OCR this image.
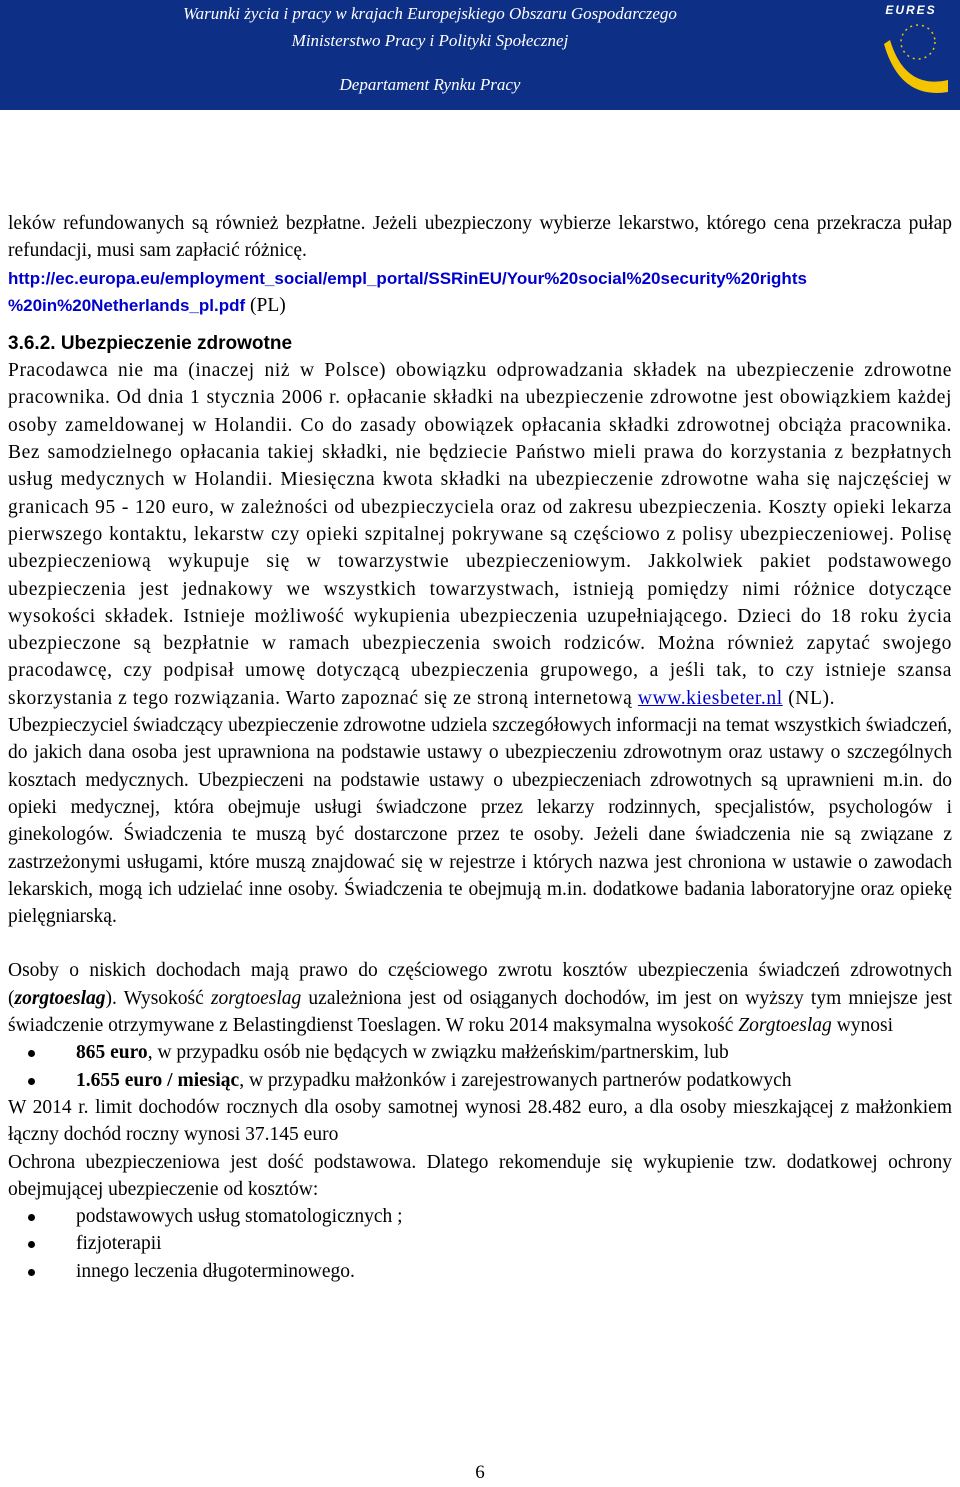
Warunki życia i pracy w krajach Europejskiego Obszaru Gospodarczego
Ministerstwo Pracy i Polityki Społecznej
Departament Rynku Pracy
EURES

leków refundowanych są również bezpłatne. Jeżeli ubezpieczony wybierze lekarstwo, którego cena przekracza pułap refundacji, musi sam zapłacić różnicę.

http://ec.europa.eu/employment_social/empl_portal/SSRinEU/Your%20social%20security%20rights %20in%20Netherlands_pl.pdf (PL)

3.6.2. Ubezpieczenie zdrowotne

Pracodawca nie ma (inaczej niż w Polsce) obowiązku odprowadzania składek na ubezpieczenie zdrowotne pracownika. Od dnia 1 stycznia 2006 r. opłacanie składki na ubezpieczenie zdrowotne jest obowiązkiem każdej osoby zameldowanej w Holandii. Co do zasady obowiązek opłacania składki zdrowotnej obciąża pracownika. Bez samodzielnego opłacania takiej składki, nie będziecie Państwo mieli prawa do korzystania z bezpłatnych usług medycznych w Holandii. Miesięczna kwota składki na ubezpieczenie zdrowotne waha się najczęściej w granicach 95 - 120 euro, w zależności od ubezpieczyciela oraz od zakresu ubezpieczenia. Koszty opieki lekarza pierwszego kontaktu, lekarstw czy opieki szpitalnej pokrywane są częściowo z polisy ubezpieczeniowej. Polisę ubezpieczeniową wykupuje się w towarzystwie ubezpieczeniowym. Jakkolwiek pakiet podstawowego ubezpieczenia jest jednakowy we wszystkich towarzystwach, istnieją pomiędzy nimi różnice dotyczące wysokości składek. Istnieje możliwość wykupienia ubezpieczenia uzupełniającego. Dzieci do 18 roku życia ubezpieczone są bezpłatnie w ramach ubezpieczenia swoich rodziców. Można również zapytać swojego pracodawcę, czy podpisał umowę dotyczącą ubezpieczenia grupowego, a jeśli tak, to czy istnieje szansa skorzystania z tego rozwiązania. Warto zapoznać się ze stroną internetową www.kiesbeter.nl (NL).

Ubezpieczyciel świadczący ubezpieczenie zdrowotne udziela szczegółowych informacji na temat wszystkich świadczeń, do jakich dana osoba jest uprawniona na podstawie ustawy o ubezpieczeniu zdrowotnym oraz ustawy o szczególnych kosztach medycznych. Ubezpieczeni na podstawie ustawy o ubezpieczeniach zdrowotnych są uprawnieni m.in. do opieki medycznej, która obejmuje usługi świadczone przez lekarzy rodzinnych, specjalistów, psychologów i ginekologów. Świadczenia te muszą być dostarczone przez te osoby. Jeżeli dane świadczenia nie są związane z zastrzeżonymi usługami, które muszą znajdować się w rejestrze i których nazwa jest chroniona w ustawie o zawodach lekarskich, mogą ich udzielać inne osoby. Świadczenia te obejmują m.in. dodatkowe badania laboratoryjne oraz opiekę pielęgniarską.

Osoby o niskich dochodach mają prawo do częściowego zwrotu kosztów ubezpieczenia świadczeń zdrowotnych (zorgtoeslag). Wysokość zorgtoeslag uzależniona jest od osiąganych dochodów, im jest on wyższy tym mniejsze jest świadczenie otrzymywane z Belastingdienst Toeslagen. W roku 2014 maksymalna wysokość Zorgtoeslag wynosi

865 euro, w przypadku osób nie będących w związku małżeńskim/partnerskim, lub
1.655 euro / miesiąc, w przypadku małżonków i zarejestrowanych partnerów podatkowych

W 2014 r. limit dochodów rocznych dla osoby samotnej wynosi 28.482 euro, a dla osoby mieszkającej z małżonkiem łączny dochód roczny wynosi 37.145 euro

Ochrona ubezpieczeniowa jest dość podstawowa. Dlatego rekomenduje się wykupienie tzw. dodatkowej ochrony obejmującej ubezpieczenie od kosztów:

podstawowych usług stomatologicznych ;
fizjoterapii
innego leczenia długoterminowego.
6
